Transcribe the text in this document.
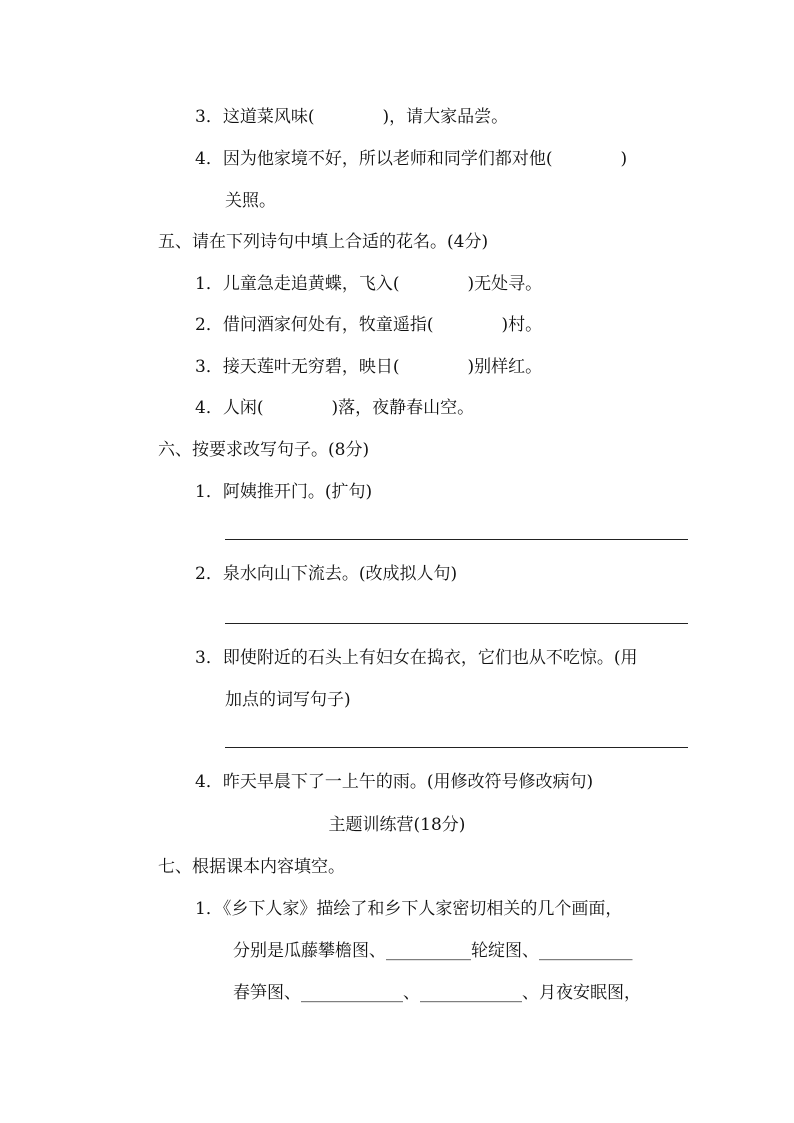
3．这道菜风味(　　　　)，请大家品尝。

4．因为他家境不好，所以老师和同学们都对他(　　　　)

关照。

五、请在下列诗句中填上合适的花名。(4分)

1．儿童急走追黄蝶，飞入(　　　　)无处寻。

2．借问酒家何处有，牧童遥指(　　　　)村。

3．接天莲叶无穷碧，映日(　　　　)别样红。

4．人闲(　　　　)落，夜静春山空。

六、按要求改写句子。(8分)

1．阿姨推开门。(扩句)

2．泉水向山下流去。(改成拟人句)

3．即使附近的石头上有妇女在捣衣，它们也从不吃惊。(用

加点的词写句子)

4．昨天早晨下了一上午的雨。(用修改符号修改病句)

主题训练营(18分)

七、根据课本内容填空。

1．《乡下人家》描绘了和乡下人家密切相关的几个画面，

分别是瓜藤攀檐图、__________轮绽图、___________

春笋图、____________、____________、月夜安眠图，
